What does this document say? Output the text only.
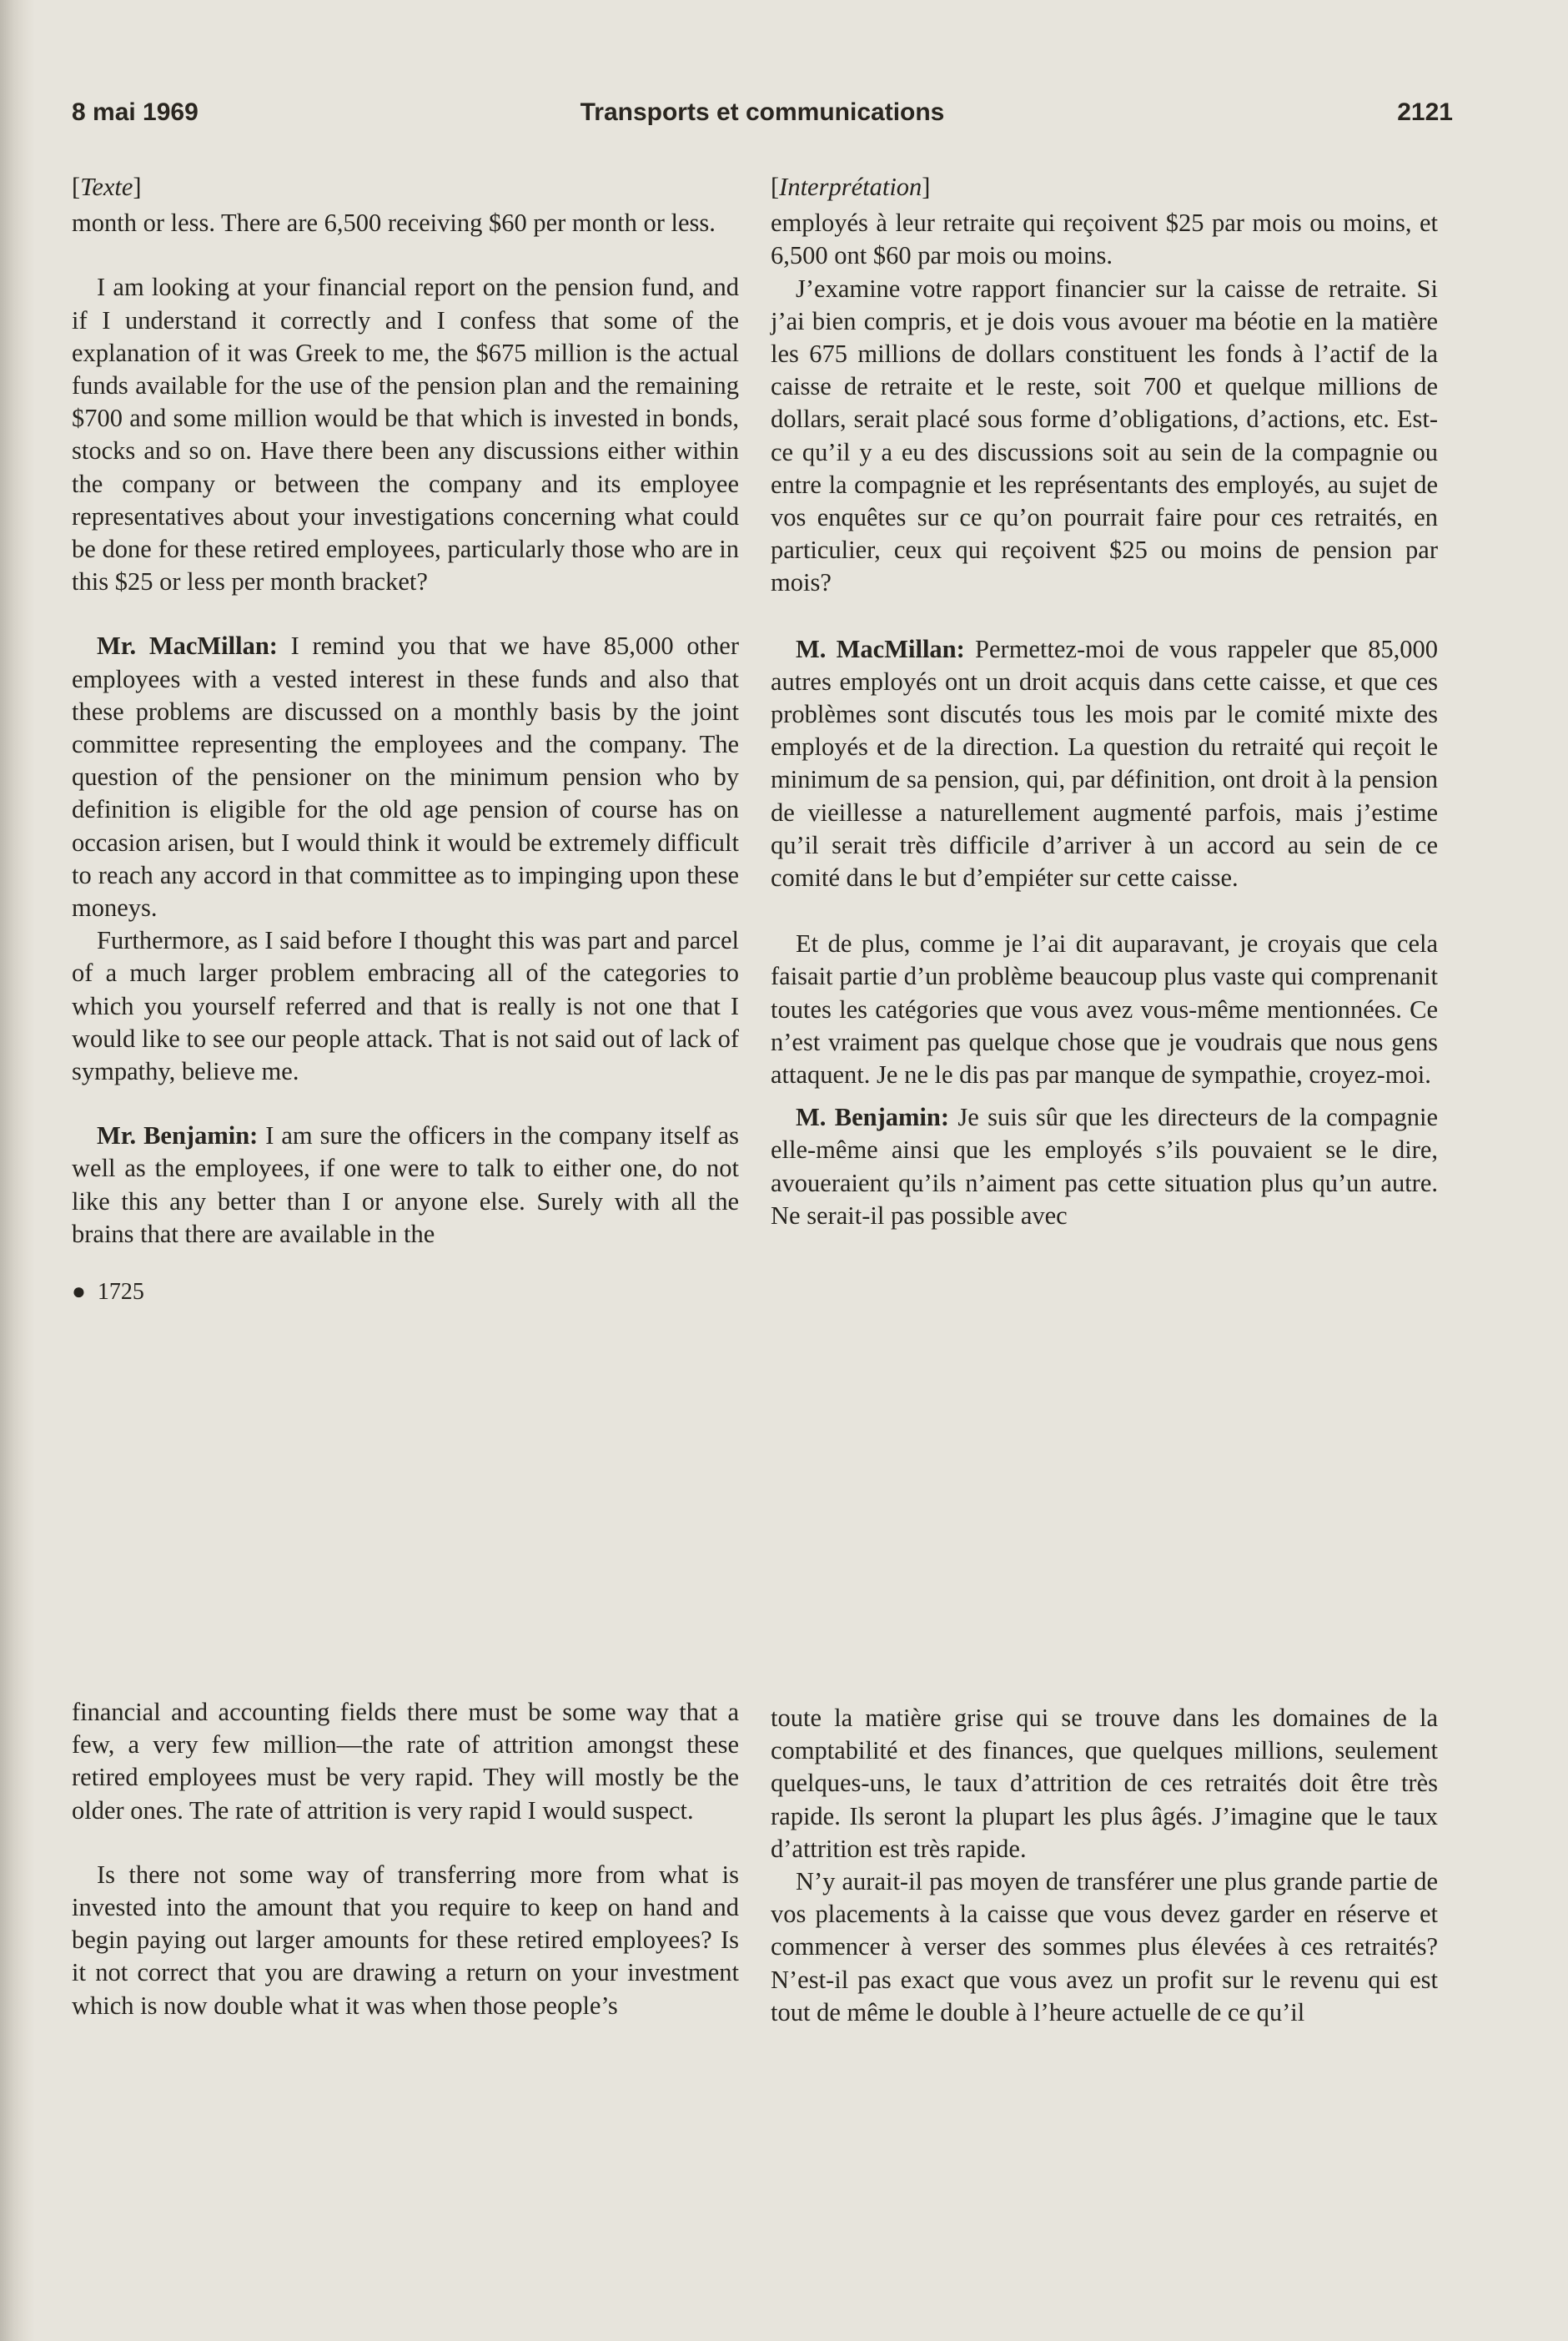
8 mai 1969	Transports et communications	2121
[Texte]

month or less. There are 6,500 receiving $60 per month or less.

I am looking at your financial report on the pension fund, and if I understand it correctly and I confess that some of the explanation of it was Greek to me, the $675 million is the actual funds available for the use of the pension plan and the remaining $700 and some million would be that which is invested in bonds, stocks and so on. Have there been any discussions either within the company or between the company and its employee representatives about your investigations concerning what could be done for these retired employees, particularly those who are in this $25 or less per month bracket?

Mr. MacMillan: I remind you that we have 85,000 other employees with a vested interest in these funds and also that these problems are discussed on a monthly basis by the joint committee representing the employees and the company. The question of the pensioner on the minimum pension who by definition is eligible for the old age pension of course has on occasion arisen, but I would think it would be extremely difficult to reach any accord in that committee as to impinging upon these moneys.

Furthermore, as I said before I thought this was part and parcel of a much larger problem embracing all of the categories to which you yourself referred and that is really is not one that I would like to see our people attack. That is not said out of lack of sympathy, believe me.

Mr. Benjamin: I am sure the officers in the company itself as well as the employees, if one were to talk to either one, do not like this any better than I or anyone else. Surely with all the brains that there are available in the

●  1725
[Interprétation]

employés à leur retraite qui reçoivent $25 par mois ou moins, et 6,500 ont $60 par mois ou moins.

J’examine votre rapport financier sur la caisse de retraite. Si j’ai bien compris, et je dois vous avouer ma béotie en la matière les 675 millions de dollars constituent les fonds à l’actif de la caisse de retraite et le reste, soit 700 et quelque millions de dollars, serait placé sous forme d’obligations, d’actions, etc. Est-ce qu’il y a eu des discussions soit au sein de la compagnie ou entre la compagnie et les représentants des employés, au sujet de vos enquêtes sur ce qu’on pourrait faire pour ces retraités, en particulier, ceux qui reçoivent $25 ou moins de pension par mois?

M. MacMillan: Permettez-moi de vous rappeler que 85,000 autres employés ont un droit acquis dans cette caisse, et que ces problèmes sont discutés tous les mois par le comité mixte des employés et de la direction. La question du retraité qui reçoit le minimum de sa pension, qui, par définition, ont droit à la pension de vieillesse a naturellement augmenté parfois, mais j’estime qu’il serait très difficile d’arriver à un accord au sein de ce comité dans le but d’empiéter sur cette caisse.

Et de plus, comme je l’ai dit auparavant, je croyais que cela faisait partie d’un problème beaucoup plus vaste qui comprenanit toutes les catégories que vous avez vous-même mentionnées. Ce n’est vraiment pas quelque chose que je voudrais que nous gens attaquent. Je ne le dis pas par manque de sympathie, croyez-moi.

M. Benjamin: Je suis sûr que les directeurs de la compagnie elle-même ainsi que les employés s’ils pouvaient se le dire, avoueraient qu’ils n’aiment pas cette situation plus qu’un autre. Ne serait-il pas possible avec

financial and accounting fields there must be some way that a few, a very few million—the rate of attrition amongst these retired employees must be very rapid. They will mostly be the older ones. The rate of attrition is very rapid I would suspect.

Is there not some way of transferring more from what is invested into the amount that you require to keep on hand and begin paying out larger amounts for these retired employees? Is it not correct that you are drawing a return on your investment which is now double what it was when those people’s

toute la matière grise qui se trouve dans les domaines de la comptabilité et des finances, que quelques millions, seulement quelques-uns, le taux d’attrition de ces retraités doit être très rapide. Ils seront la plupart les plus âgés. J’imagine que le taux d’attrition est très rapide.

N’y aurait-il pas moyen de transférer une plus grande partie de vos placements à la caisse que vous devez garder en réserve et commencer à verser des sommes plus élevées à ces retraités? N’est-il pas exact que vous avez un profit sur le revenu qui est tout de même le double à l’heure actuelle de ce qu’il
